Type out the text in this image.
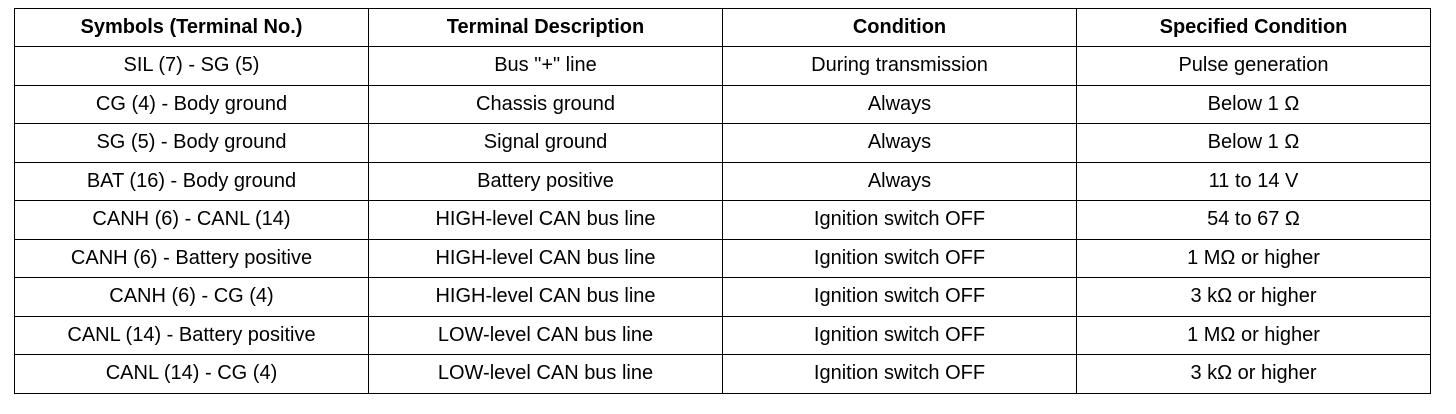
Symbols (Terminal No.)	Terminal Description	Condition	Specified Condition
SIL (7) - SG (5)	Bus "+" line	During transmission	Pulse generation
CG (4) - Body ground	Chassis ground	Always	Below 1 Ω
SG (5) - Body ground	Signal ground	Always	Below 1 Ω
BAT (16) - Body ground	Battery positive	Always	11 to 14 V
CANH (6) - CANL (14)	HIGH-level CAN bus line	Ignition switch OFF	54 to 67 Ω
CANH (6) - Battery positive	HIGH-level CAN bus line	Ignition switch OFF	1 MΩ or higher
CANH (6) - CG (4)	HIGH-level CAN bus line	Ignition switch OFF	3 kΩ or higher
CANL (14) - Battery positive	LOW-level CAN bus line	Ignition switch OFF	1 MΩ or higher
CANL (14) - CG (4)	LOW-level CAN bus line	Ignition switch OFF	3 kΩ or higher
